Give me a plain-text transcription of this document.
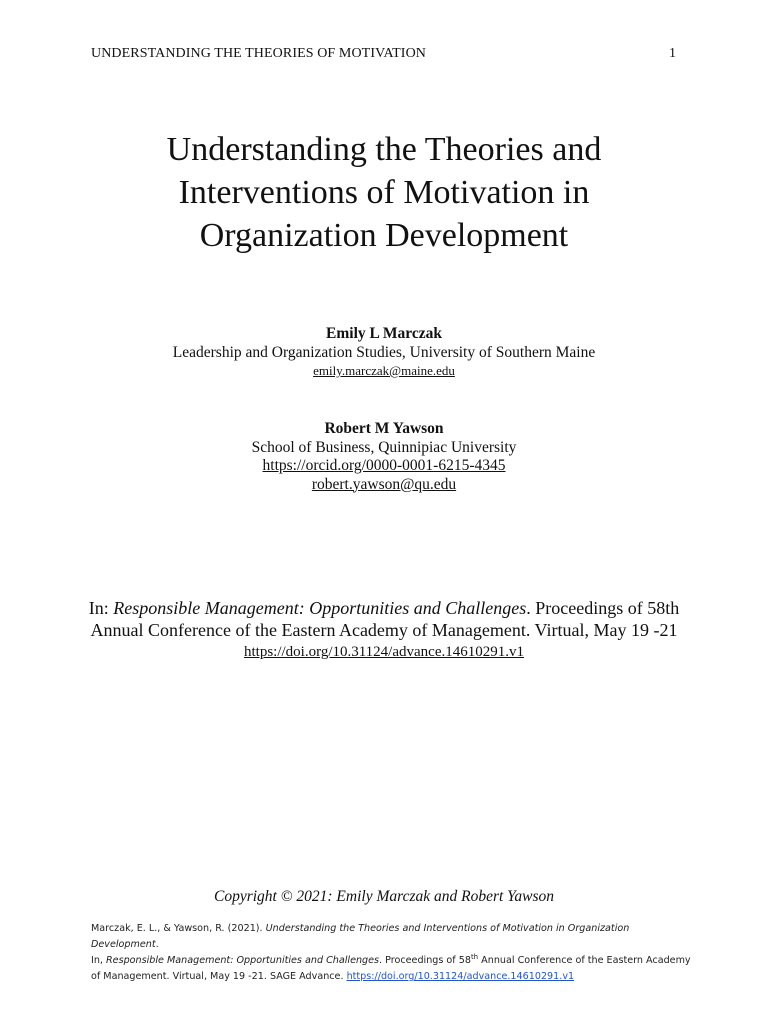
UNDERSTANDING THE THEORIES OF MOTIVATION	1
Understanding the Theories and
Interventions of Motivation in
Organization Development
Emily L Marczak
Leadership and Organization Studies, University of Southern Maine
emily.marczak@maine.edu
Robert M Yawson
School of Business, Quinnipiac University
https://orcid.org/0000-0001-6215-4345
robert.yawson@qu.edu
In: Responsible Management: Opportunities and Challenges. Proceedings of 58th
Annual Conference of the Eastern Academy of Management. Virtual, May 19 -21
https://doi.org/10.31124/advance.14610291.v1
Copyright © 2021: Emily Marczak and Robert Yawson
Marczak, E. L., & Yawson, R. (2021). Understanding the Theories and Interventions of Motivation in Organization Development.
In, Responsible Management: Opportunities and Challenges. Proceedings of 58th Annual Conference of the Eastern Academy of Management. Virtual, May 19 -21. SAGE Advance. https://doi.org/10.31124/advance.14610291.v1
